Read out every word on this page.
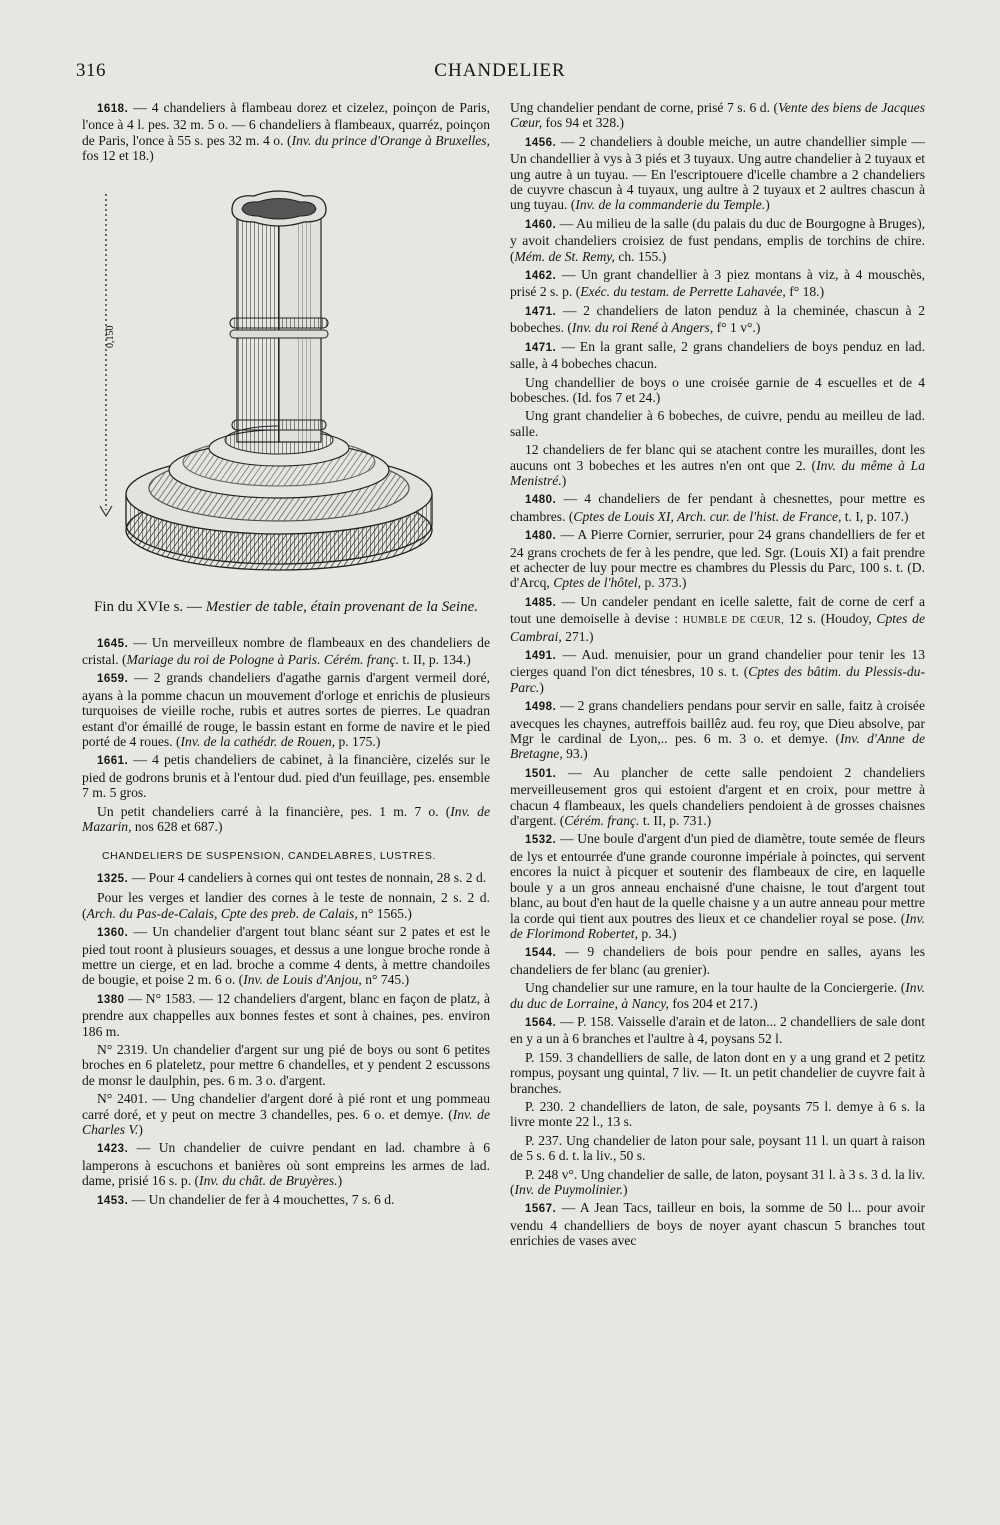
316	CHANDELIER

1618. — 4 chandeliers à flambeau dorez et cizelez, poinçon de Paris, l'once à 4 l. pes. 32 m. 5 o. — 6 chandeliers à flambeaux, quarréz, poinçon de Paris, l'once à 55 s. pes 32 m. 4 o. (Inv. du prince d'Orange à Bruxelles, fos 12 et 18.)

0,150

Fin du XVIe s. — Mestier de table, étain provenant de la Seine.

1645. — Un merveilleux nombre de flambeaux en des chandeliers de cristal. (Mariage du roi de Pologne à Paris. Cérém. franç. t. II, p. 134.)

1659. — 2 grands chandeliers d'agathe garnis d'argent vermeil doré, ayans à la pomme chacun un mouvement d'orloge et enrichis de plusieurs turquoises de vieille roche, rubis et autres sortes de pierres. Le quadran estant d'or émaillé de rouge, le bassin estant en forme de navire et le pied porté de 4 roues. (Inv. de la cathédr. de Rouen, p. 175.)

1661. — 4 petis chandeliers de cabinet, à la financière, cizelés sur le pied de godrons brunis et à l'entour dud. pied d'un feuillage, pes. ensemble 7 m. 5 gros.

Un petit chandeliers carré à la financière, pes. 1 m. 7 o. (Inv. de Mazarin, nos 628 et 687.)

CHANDELIERS DE SUSPENSION, CANDELABRES, LUSTRES.

1325. — Pour 4 candeliers à cornes qui ont testes de nonnain, 28 s. 2 d.

Pour les verges et landier des cornes à le teste de nonnain, 2 s. 2 d. (Arch. du Pas-de-Calais, Cpte des preb. de Calais, n° 1565.)

1360. — Un chandelier d'argent tout blanc séant sur 2 pates et est le pied tout roont à plusieurs souages, et dessus a une longue broche ronde à mettre un cierge, et en lad. broche a comme 4 dents, à mettre chandoiles de bougie, et poise 2 m. 6 o. (Inv. de Louis d'Anjou, n° 745.)

1380 — N° 1583. — 12 chandeliers d'argent, blanc en façon de platz, à prendre aux chappelles aux bonnes festes et sont à chaines, pes. environ 186 m.

N° 2319. Un chandelier d'argent sur ung pié de boys ou sont 6 petites broches en 6 plateletz, pour mettre 6 chandelles, et y pendent 2 escussons de monsr le daulphin, pes. 6 m. 3 o. d'argent.

N° 2401. — Ung chandelier d'argent doré à pié ront et ung pommeau carré doré, et y peut on mectre 3 chandelles, pes. 6 o. et demye. (Inv. de Charles V.)

1423. — Un chandelier de cuivre pendant en lad. chambre à 6 lamperons à escuchons et banières où sont empreins les armes de lad. dame, prisié 16 s. p. (Inv. du chât. de Bruyères.)

1453. — Un chandelier de fer à 4 mouchettes, 7 s. 6 d.

Ung chandelier pendant de corne, prisé 7 s. 6 d. (Vente des biens de Jacques Cœur, fos 94 et 328.)

1456. — 2 chandeliers à double meiche, un autre chandellier simple — Un chandellier à vys à 3 piés et 3 tuyaux. Ung autre chandelier à 2 tuyaux et ung autre à un tuyau. — En l'escriptouere d'icelle chambre a 2 chandeliers de cuyvre chascun à 4 tuyaux, ung aultre à 2 tuyaux et 2 aultres chascun à ung tuyau. (Inv. de la commanderie du Temple.)

1460. — Au milieu de la salle (du palais du duc de Bourgogne à Bruges), y avoit chandeliers croisiez de fust pendans, emplis de torchins de chire. (Mém. de St. Remy, ch. 155.)

1462. — Un grant chandellier à 3 piez montans à viz, à 4 mouschès, prisé 2 s. p. (Exéc. du testam. de Perrette Lahavée, f° 18.)

1471. — 2 chandeliers de laton penduz à la cheminée, chascun à 2 bobeches. (Inv. du roi René à Angers, f° 1 v°.)

1471. — En la grant salle, 2 grans chandeliers de boys penduz en lad. salle, à 4 bobeches chacun.

Ung chandellier de boys o une croisée garnie de 4 escuelles et de 4 bobesches. (Id. fos 7 et 24.)

Ung grant chandelier à 6 bobeches, de cuivre, pendu au meilleu de lad. salle.

12 chandeliers de fer blanc qui se atachent contre les murailles, dont les aucuns ont 3 bobeches et les autres n'en ont que 2. (Inv. du même à La Menistré.)

1480. — 4 chandeliers de fer pendant à chesnettes, pour mettre es chambres. (Cptes de Louis XI, Arch. cur. de l'hist. de France, t. I, p. 107.)

1480. — A Pierre Cornier, serrurier, pour 24 grans chandelliers de fer et 24 grans crochets de fer à les pendre, que led. Sgr. (Louis XI) a fait prendre et achecter de luy pour mectre es chambres du Plessis du Parc, 100 s. t. (D. d'Arcq, Cptes de l'hôtel, p. 373.)

1485. — Un candeler pendant en icelle salette, fait de corne de cerf a tout une demoiselle à devise : HUMBLE DE CŒUR, 12 s. (Houdoy, Cptes de Cambrai, 271.)

1491. — Aud. menuisier, pour un grand chandelier pour tenir les 13 cierges quand l'on dict ténesbres, 10 s. t. (Cptes des bâtim. du Plessis-du-Parc.)

1498. — 2 grans chandeliers pendans pour servir en salle, faitz à croisée avecques les chaynes, autreffois baillêz aud. feu roy, que Dieu absolve, par Mgr le cardinal de Lyon,.. pes. 6 m. 3 o. et demye. (Inv. d'Anne de Bretagne, 93.)

1501. — Au plancher de cette salle pendoient 2 chandeliers merveilleusement gros qui estoient d'argent et en croix, pour mettre à chacun 4 flambeaux, les quels chandeliers pendoient à de grosses chaisnes d'argent. (Cérém. franç. t. II, p. 731.)

1532. — Une boule d'argent d'un pied de diamètre, toute semée de fleurs de lys et entourrée d'une grande couronne impériale à poinctes, qui servent encores la nuict à picquer et soutenir des flambeaux de cire, en laquelle boule y a un gros anneau enchaisné d'une chaisne, le tout d'argent tout blanc, au bout d'en haut de la quelle chaisne y a un autre anneau pour mettre la corde qui tient aux poutres des lieux et ce chandelier royal se pose. (Inv. de Florimond Robertet, p. 34.)

1544. — 9 chandeliers de bois pour pendre en salles, ayans les chandeliers de fer blanc (au grenier).

Ung chandelier sur une ramure, en la tour haulte de la Conciergerie. (Inv. du duc de Lorraine, à Nancy, fos 204 et 217.)

1564. — P. 158. Vaisselle d'arain et de laton... 2 chandelliers de sale dont en y a un à 6 branches et l'aultre à 4, poysans 52 l.

P. 159. 3 chandelliers de salle, de laton dont en y a ung grand et 2 petitz rompus, poysant ung quintal, 7 liv. — It. un petit chandelier de cuyvre fait à branches.

P. 230. 2 chandelliers de laton, de sale, poysants 75 l. demye à 6 s. la livre monte 22 l., 13 s.

P. 237. Ung chandelier de laton pour sale, poysant 11 l. un quart à raison de 5 s. 6 d. t. la liv., 50 s.

P. 248 v°. Ung chandelier de salle, de laton, poysant 31 l. à 3 s. 3 d. la liv. (Inv. de Puymolinier.)

1567. — A Jean Tacs, tailleur en bois, la somme de 50 l... pour avoir vendu 4 chandelliers de boys de noyer ayant chascun 5 branches tout enrichies de vases avec
